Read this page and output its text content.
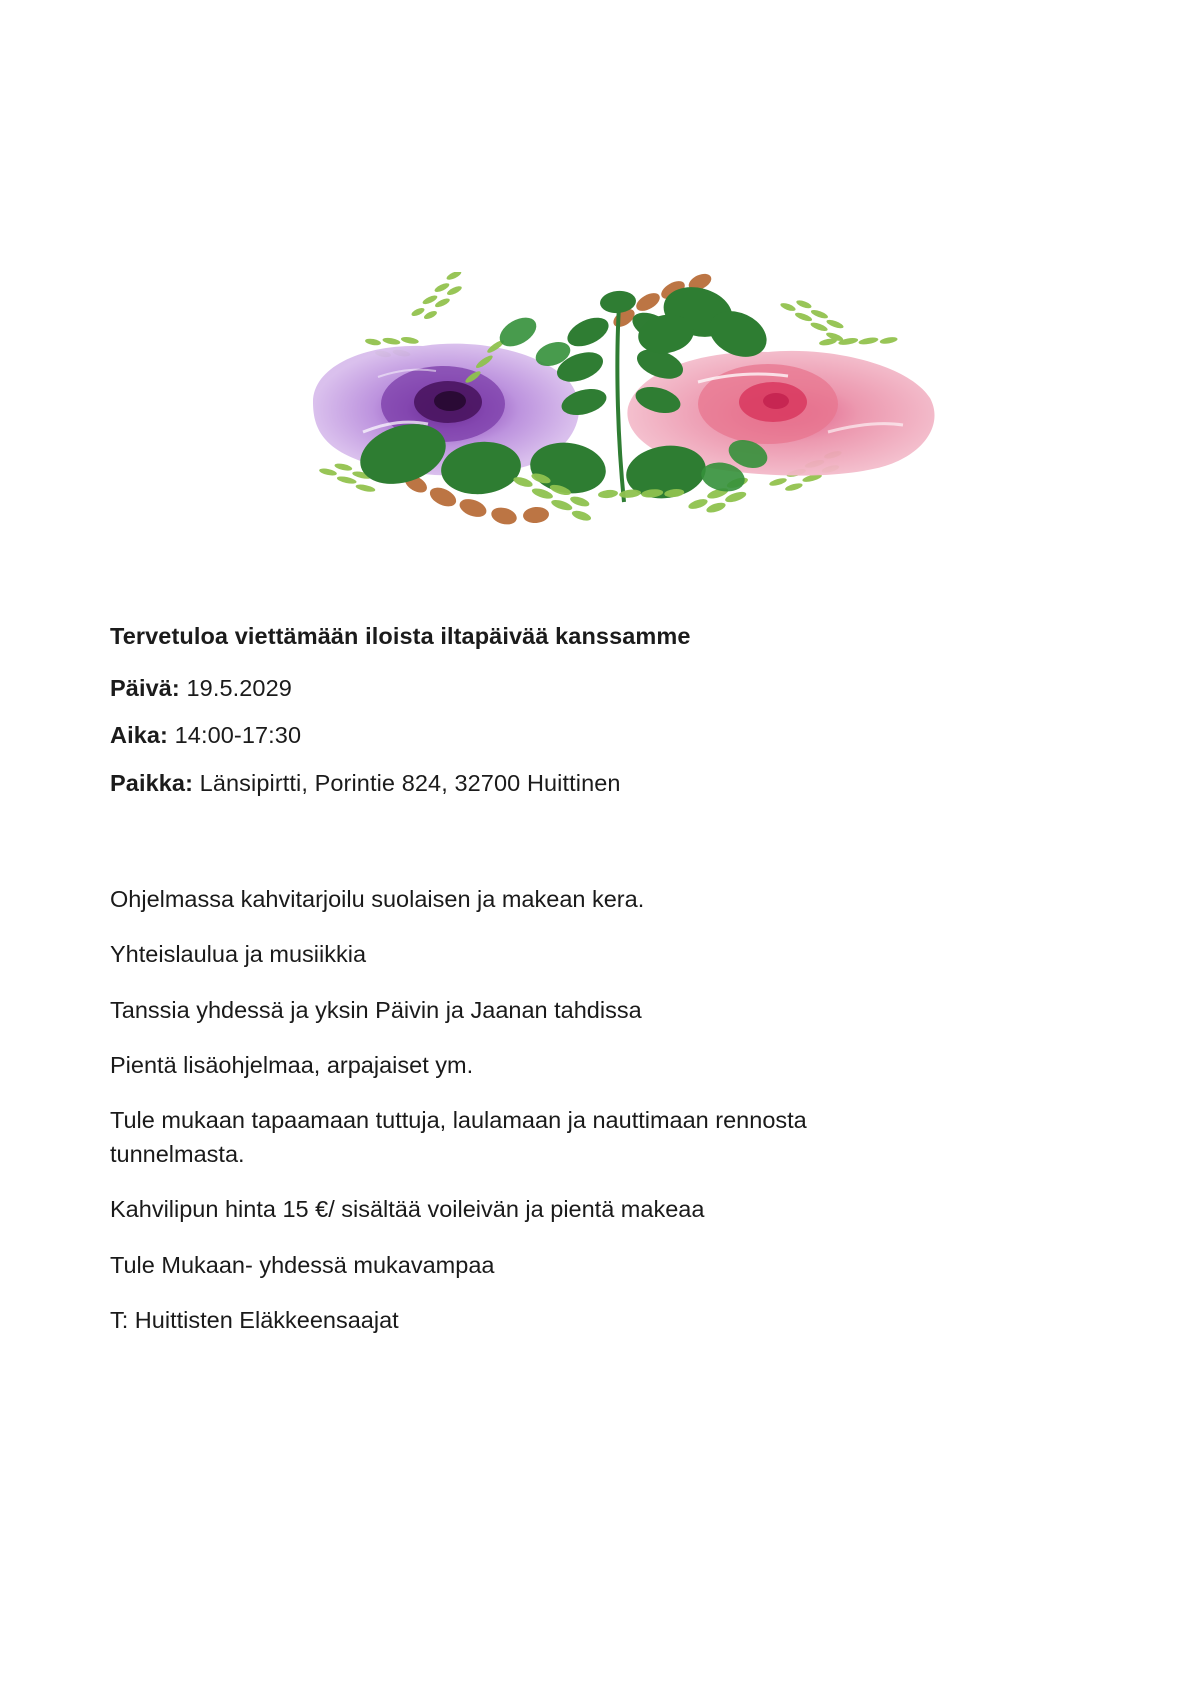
Tervetuloa viettämään iloista iltapäivää kanssamme

Päivä: 19.5.2029

Aika: 14:00-17:30

Paikka: Länsipirtti, Porintie 824, 32700 Huittinen

Ohjelmassa kahvitarjoilu suolaisen ja makean kera.

Yhteislaulua ja musiikkia

Tanssia yhdessä ja yksin Päivin ja Jaanan tahdissa

Pientä lisäohjelmaa, arpajaiset ym.

Tule mukaan tapaamaan tuttuja, laulamaan ja nauttimaan rennosta tunnelmasta.

Kahvilipun hinta 15 €/ sisältää voileivän ja pientä makeaa

Tule Mukaan- yhdessä mukavampaa

T: Huittisten Eläkkeensaajat
